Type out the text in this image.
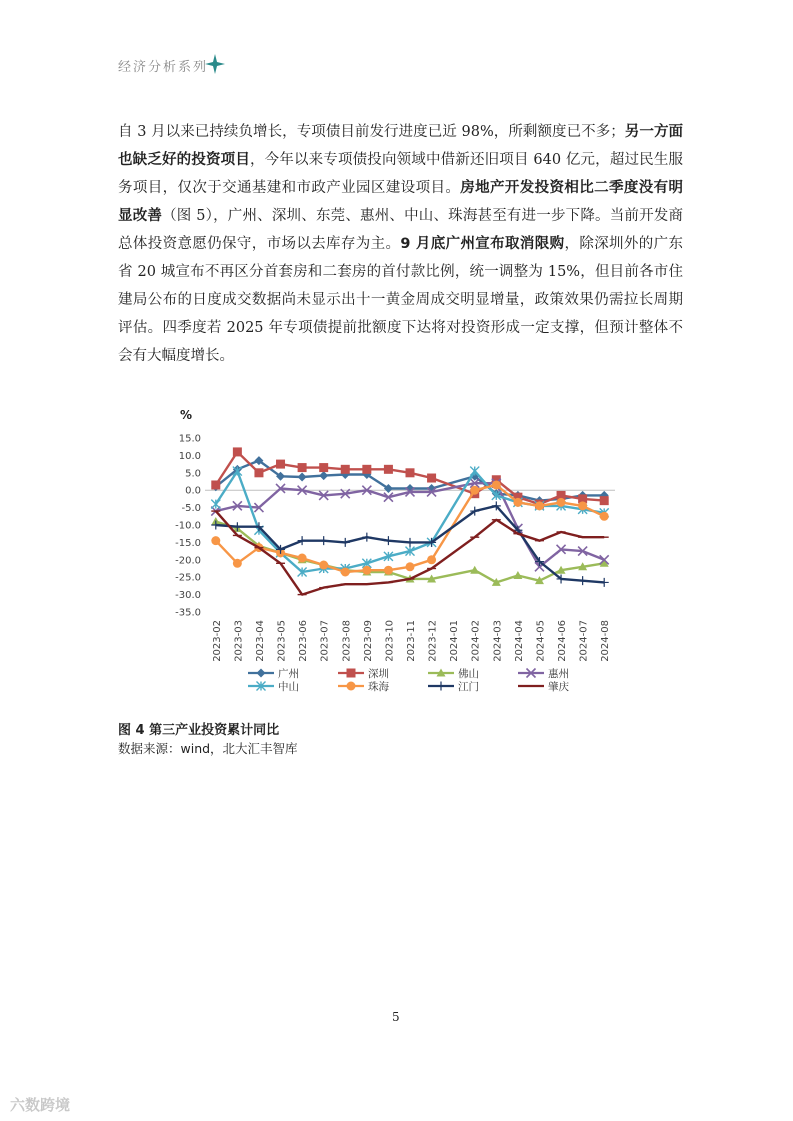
经济分析系列
自 3 月以来已持续负增长，专项债目前发行进度已近 98%，所剩额度已不多；另一方面也缺乏好的投资项目，今年以来专项债投向领域中借新还旧项目 640 亿元，超过民生服务项目，仅次于交通基建和市政产业园区建设项目。房地产开发投资相比二季度没有明显改善（图 5），广州、深圳、东莞、惠州、中山、珠海甚至有进一步下降。当前开发商总体投资意愿仍保守，市场以去库存为主。9 月底广州宣布取消限购，除深圳外的广东省 20 城宣布不再区分首套房和二套房的首付款比例，统一调整为 15%，但目前各市住建局公布的日度成交数据尚未显示出十一黄金周成交明显增量，政策效果仍需拉长周期评估。四季度若 2025 年专项债提前批额度下达将对投资形成一定支撑，但预计整体不会有大幅度增长。
%
15.0
10.0
5.0
0.0
-5.0
-10.0
-15.0
-20.0
-25.0
-30.0
-35.0
2023-02 2023-03 2023-04 2023-05 2023-06 2023-07 2023-08 2023-09 2023-10 2023-11 2023-12 2024-01 2024-02 2024-03 2024-04 2024-05 2024-06 2024-07 2024-08
广州	深圳	佛山	惠州
中山	珠海	江门	肇庆
图 4 第三产业投资累计同比
数据来源：wind，北大汇丰智库
5
六数跨境
